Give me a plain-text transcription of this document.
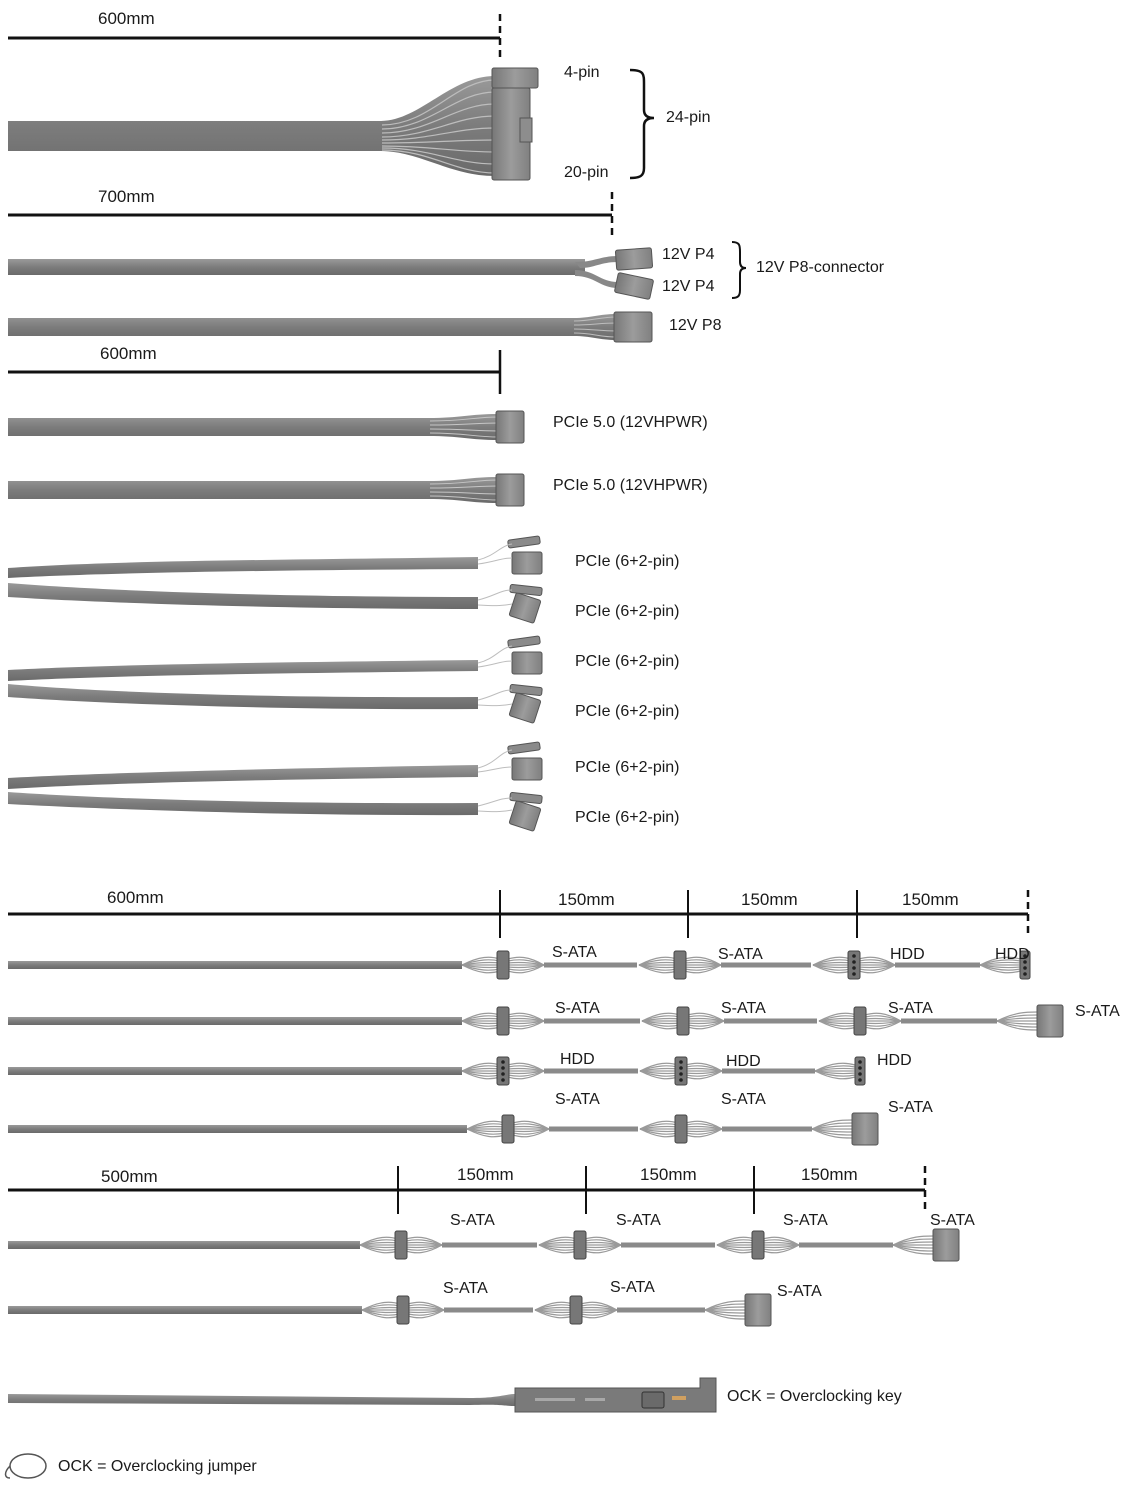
600mm
4-pin
24-pin
20-pin
700mm
12V P4
12V P4
12V P8-connector
12V P8
600mm
PCIe 5.0 (12VHPWR)
PCIe 5.0 (12VHPWR)
PCIe (6+2-pin)
PCIe (6+2-pin)
PCIe (6+2-pin)
PCIe (6+2-pin)
PCIe (6+2-pin)
PCIe (6+2-pin)
600mm	150mm	150mm	150mm
S-ATA	S-ATA	HDD	HDD
S-ATA	S-ATA	S-ATA	S-ATA
HDD	HDD	HDD
S-ATA	S-ATA	S-ATA
500mm	150mm	150mm	150mm
S-ATA	S-ATA	S-ATA	S-ATA
S-ATA	S-ATA	S-ATA
OCK = Overclocking key
OCK = Overclocking jumper
